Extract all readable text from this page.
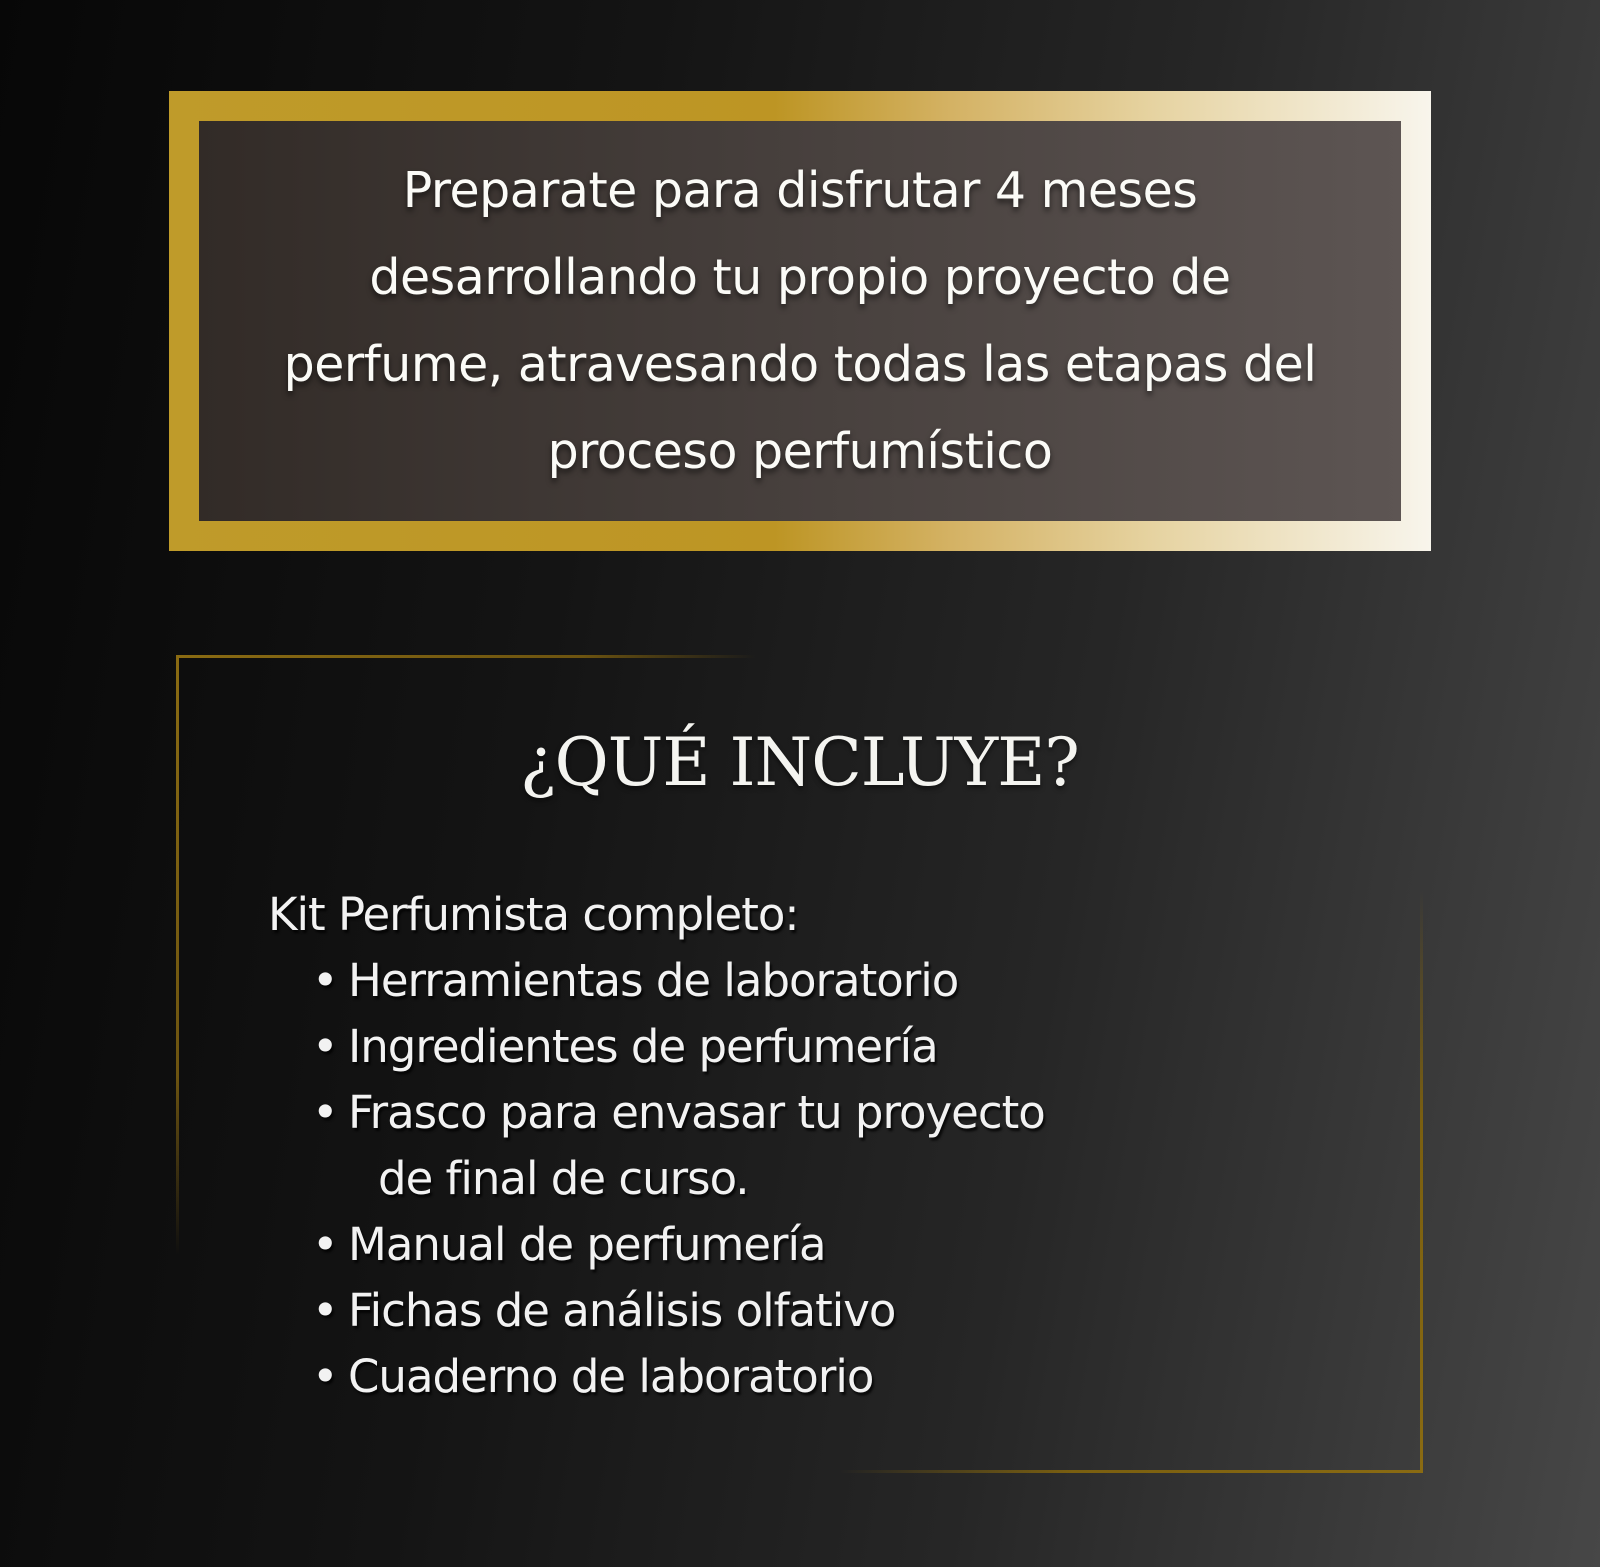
Preparate para disfrutar 4 meses
desarrollando tu propio proyecto de
perfume, atravesando todas las etapas del
proceso perfumístico

¿QUÉ INCLUYE?

Kit Perfumista completo:

• Herramientas de laboratorio
• Ingredientes de perfumería
• Frasco para envasar tu proyecto
de final de curso.
• Manual de perfumería
• Fichas de análisis olfativo
• Cuaderno de laboratorio
